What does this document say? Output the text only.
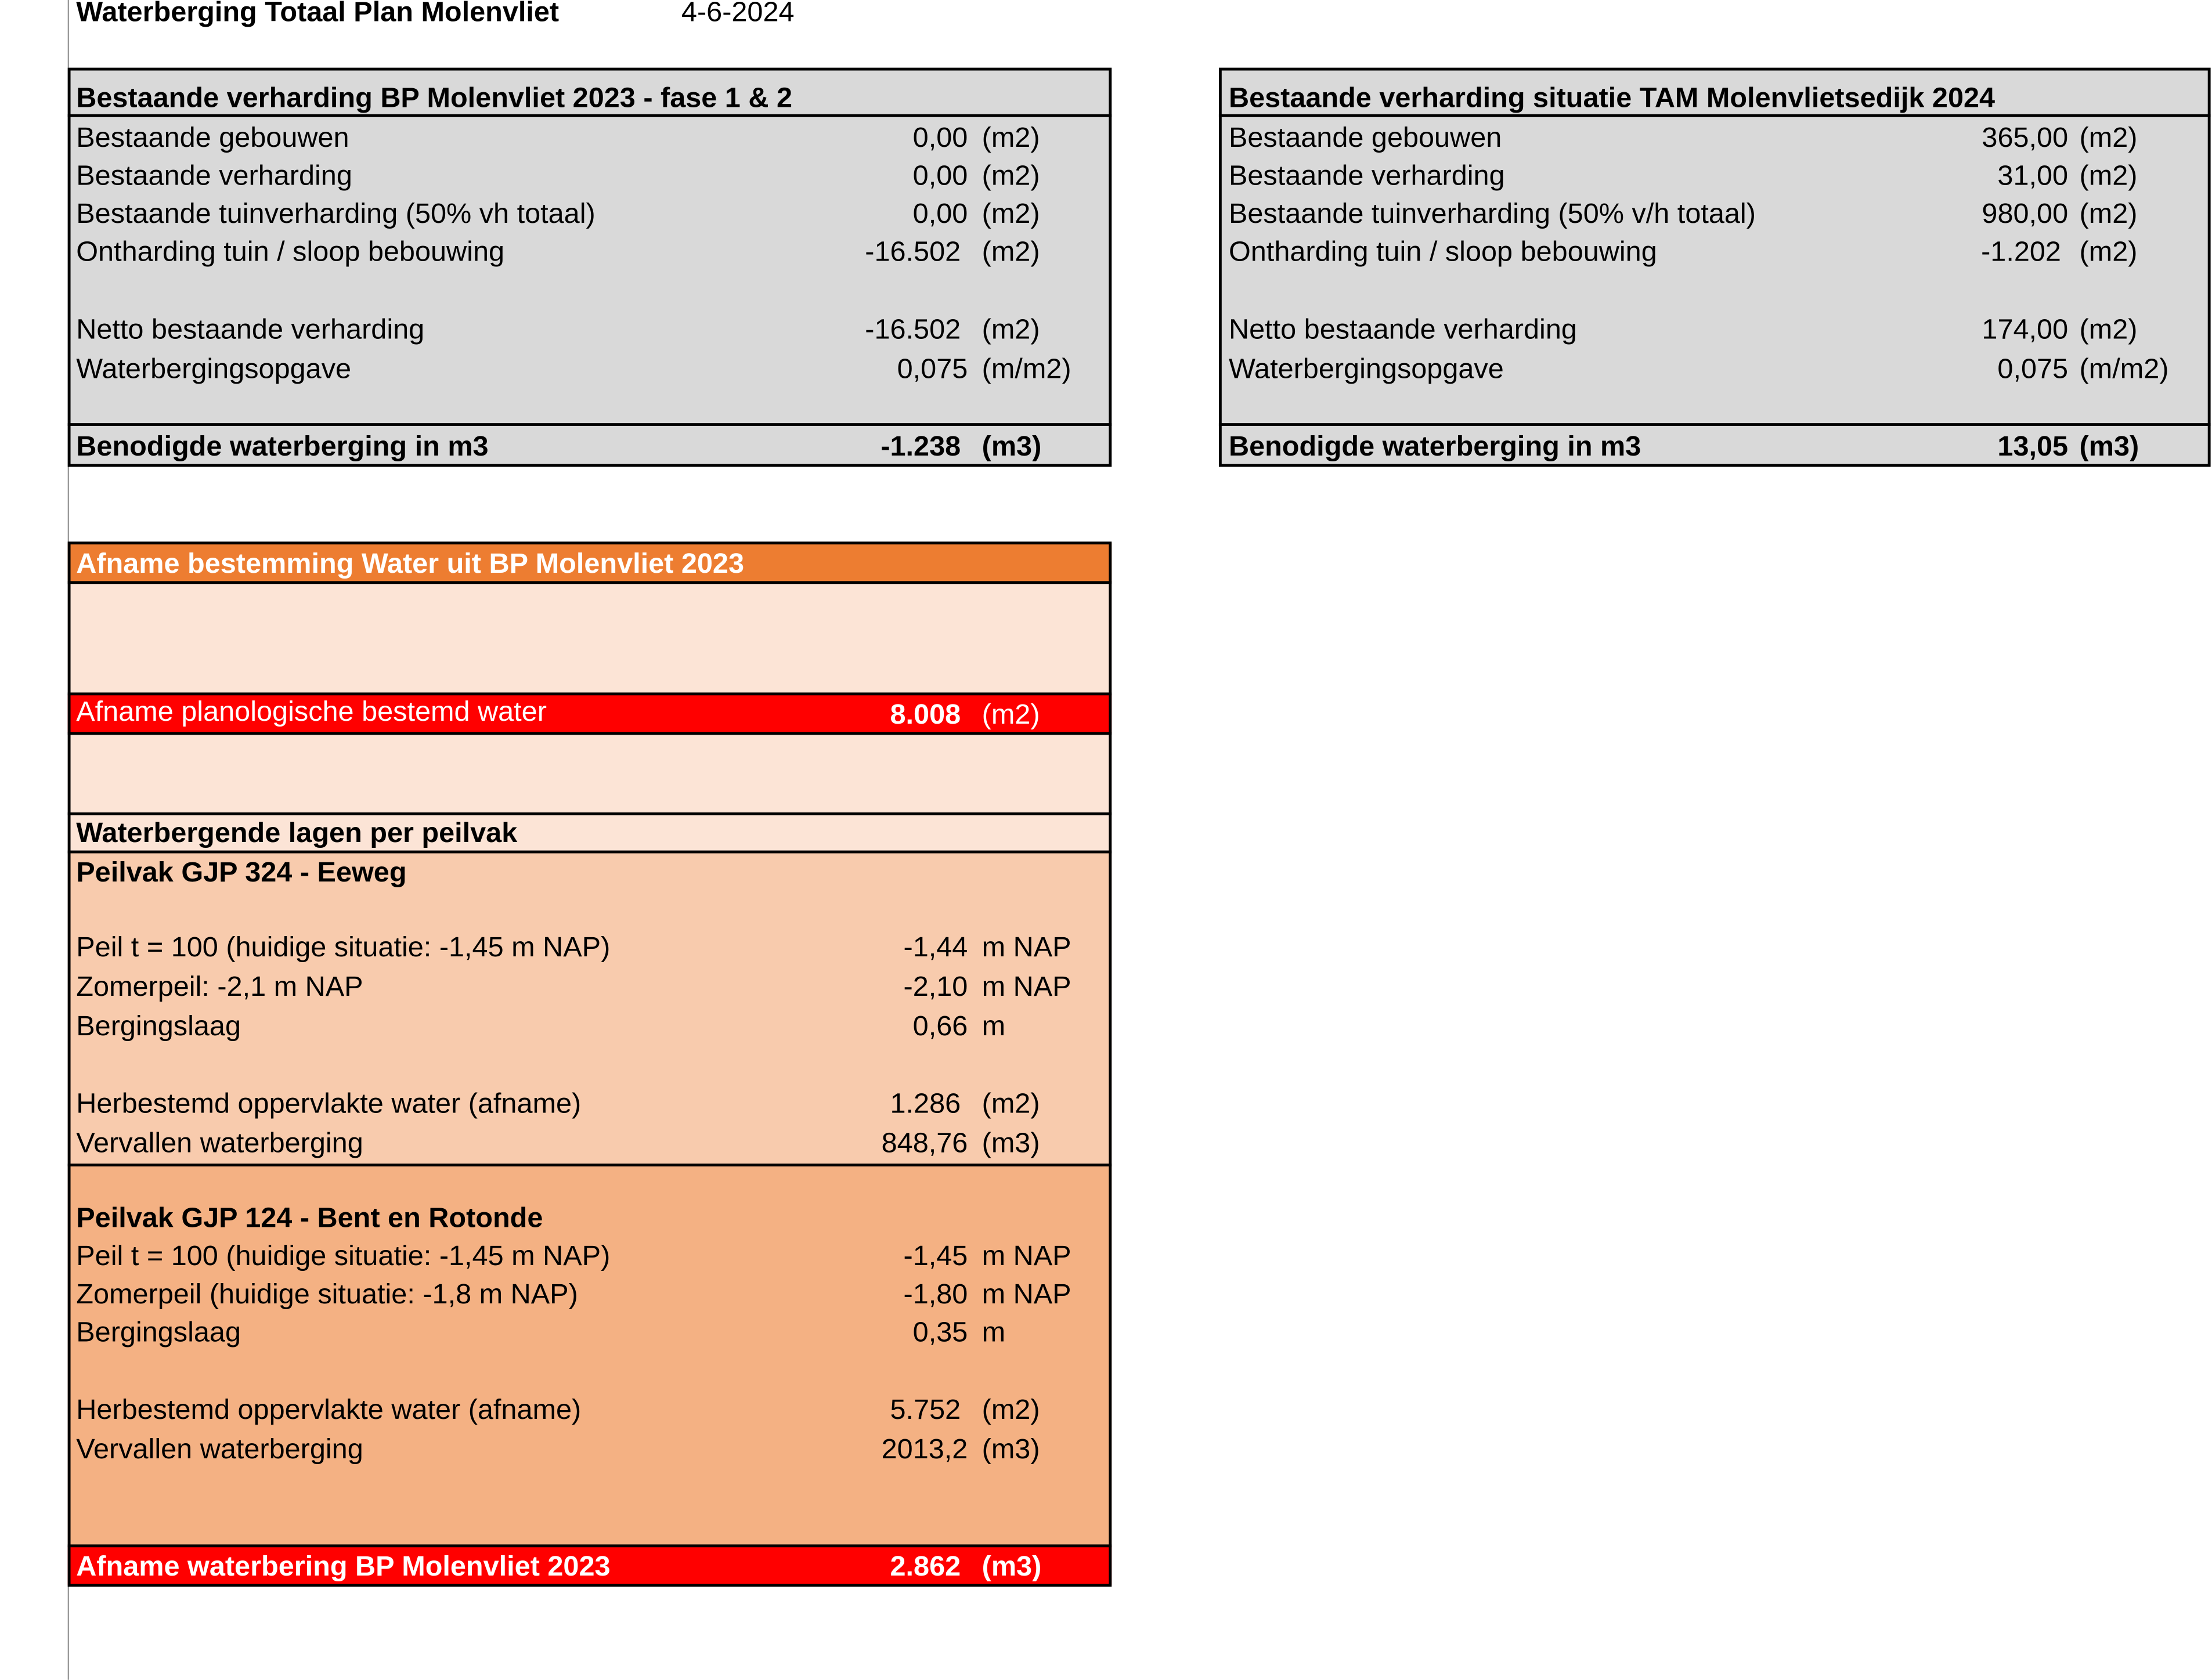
Waterberging Totaal Plan Molenvliet	4-6-2024
Bestaande verharding BP Molenvliet 2023 - fase 1 & 2
Bestaande gebouwen	0,00 (m2)
Bestaande verharding	0,00 (m2)
Bestaande tuinverharding (50% vh totaal)	0,00 (m2)
Ontharding tuin / sloop bebouwing	-16.502 (m2)
Netto bestaande verharding	-16.502 (m2)
Waterbergingsopgave	0,075 (m/m2)
Benodigde waterberging in m3	-1.238 (m3)
Bestaande verharding situatie TAM Molenvlietsedijk 2024
Bestaande gebouwen	365,00 (m2)
Bestaande verharding	31,00 (m2)
Bestaande tuinverharding (50% v/h totaal)	980,00 (m2)
Ontharding tuin / sloop bebouwing	-1.202 (m2)
Netto bestaande verharding	174,00 (m2)
Waterbergingsopgave	0,075 (m/m2)
Benodigde waterberging in m3	13,05 (m3)
Afname bestemming Water uit BP Molenvliet 2023
Afname planologische bestemd water	8.008 (m2)
Waterbergende lagen per peilvak
Peilvak GJP 324 - Eeweg
Peil t = 100 (huidige situatie: -1,45 m NAP)	-1,44 m NAP
Zomerpeil: -2,1 m NAP	-2,10 m NAP
Bergingslaag	0,66 m
Herbestemd oppervlakte water (afname)	1.286 (m2)
Vervallen waterberging	848,76 (m3)
Peilvak GJP 124 - Bent en Rotonde
Peil t = 100 (huidige situatie: -1,45 m NAP)	-1,45 m NAP
Zomerpeil (huidige situatie: -1,8 m NAP)	-1,80 m NAP
Bergingslaag	0,35 m
Herbestemd oppervlakte water (afname)	5.752 (m2)
Vervallen waterberging	2013,2 (m3)
Afname waterbering BP Molenvliet 2023	2.862 (m3)
